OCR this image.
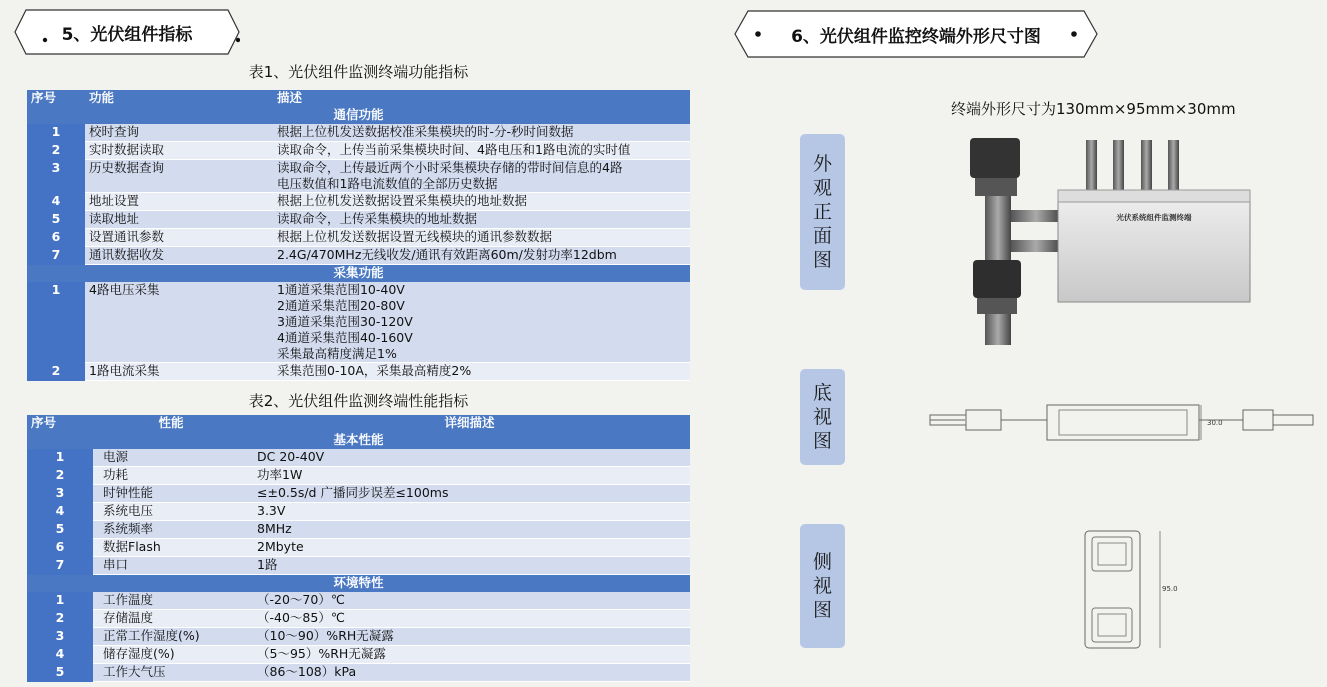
5、光伏组件指标	6、光伏组件监控终端外形尺寸图
表1、光伏组件监测终端功能指标
序号	功能	描述
通信功能		
1	校时查询	根据上位机发送数据校准采集模块的时-分-秒时间数据

2	实时数据读取	读取命令，上传当前采集模块时间、4路电压和1路电流的实时值

3	历史数据查询	读取命令，上传最近两个小时采集模块存储的带时间信息的4路
电压数值和1路电流数值的全部历史数据

4	地址设置	根据上位机发送数据设置采集模块的地址数据

5	读取地址	读取命令，上传采集模块的地址数据

6	设置通讯参数	根据上位机发送数据设置无线模块的通讯参数数据

7	通讯数据收发	2.4G/470MHz无线收发/通讯有效距离60m/发射功率12dbm

采集功能		
1	4路电压采集	1通道采集范围10-40V
2通道采集范围20-80V
3通道采集范围30-120V
4通道采集范围40-160V
采集最高精度满足1%

2	1路电流采集	采集范围0-10A，采集最高精度2%
表2、光伏组件监测终端性能指标
序号	性能	详细描述
基本性能		
1	电源	DC 20-40V

2	功耗	功率1W

3	时钟性能	≤±0.5s/d 广播同步误差≤100ms

4	系统电压	3.3V

5	系统频率	8MHz

6	数据Flash	2Mbyte

7	串口	1路

环境特性		
1	工作温度	（-20～70）℃

2	存储温度	（-40～85）℃

3	正常工作湿度(%)	（10～90）%RH无凝露

4	储存湿度(%)	（5～95）%RH无凝露

5	工作大气压	（86～108）kPa
终端外形尺寸为130mm×95mm×30mm
外
观
正
面
图
底
视
图
侧
视
图
光伏系统组件监测终端
30.0
95.0
